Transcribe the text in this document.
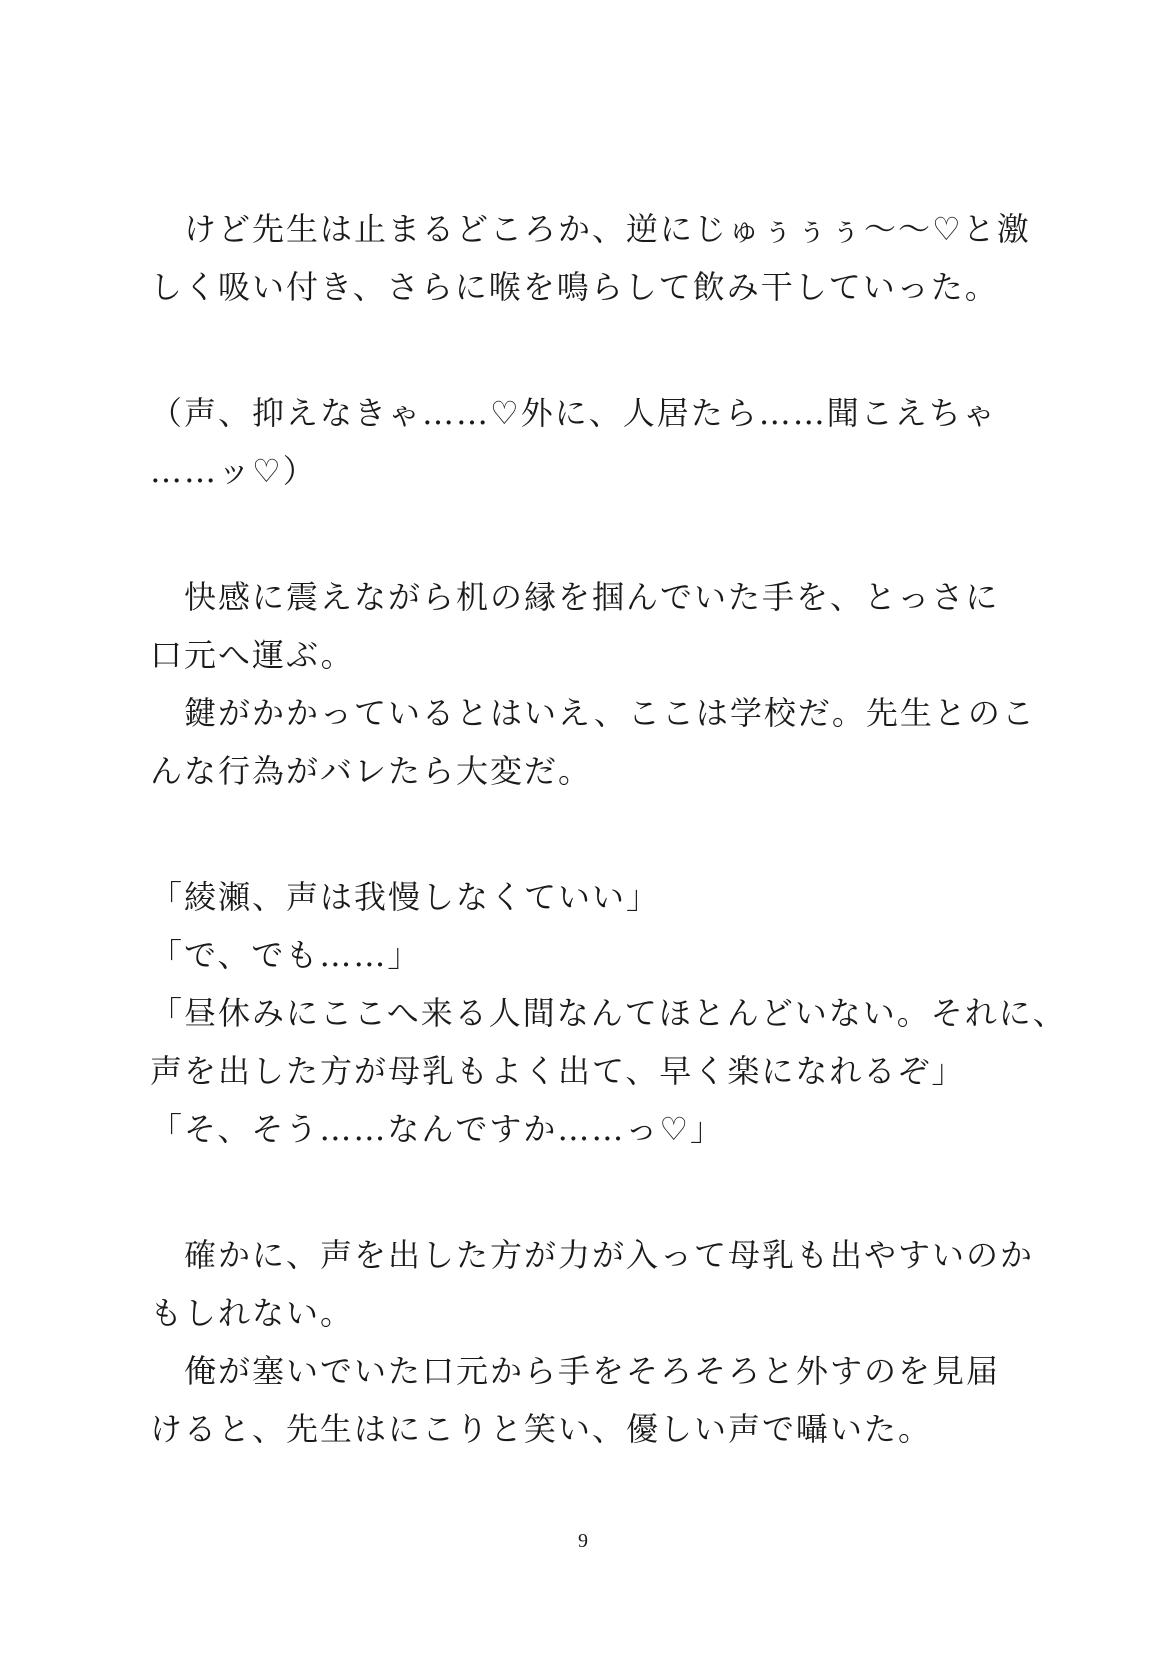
　けど先生は止まるどころか、逆にじゅぅぅぅ〜〜♡と激
しく吸い付き、さらに喉を鳴らして飲み干していった。
（声、抑えなきゃ……♡外に、人居たら……聞こえちゃ
……ッ♡）
　快感に震えながら机の縁を掴んでいた手を、とっさに
口元へ運ぶ。
　鍵がかかっているとはいえ、ここは学校だ。先生とのこ
んな行為がバレたら大変だ。
「綾瀬、声は我慢しなくていい」
「で、でも……」
「昼休みにここへ来る人間なんてほとんどいない。それに、
声を出した方が母乳もよく出て、早く楽になれるぞ」
「そ、そう……なんですか……っ♡」
　確かに、声を出した方が力が入って母乳も出やすいのか
もしれない。
　俺が塞いでいた口元から手をそろそろと外すのを見届
けると、先生はにこりと笑い、優しい声で囁いた。
9
